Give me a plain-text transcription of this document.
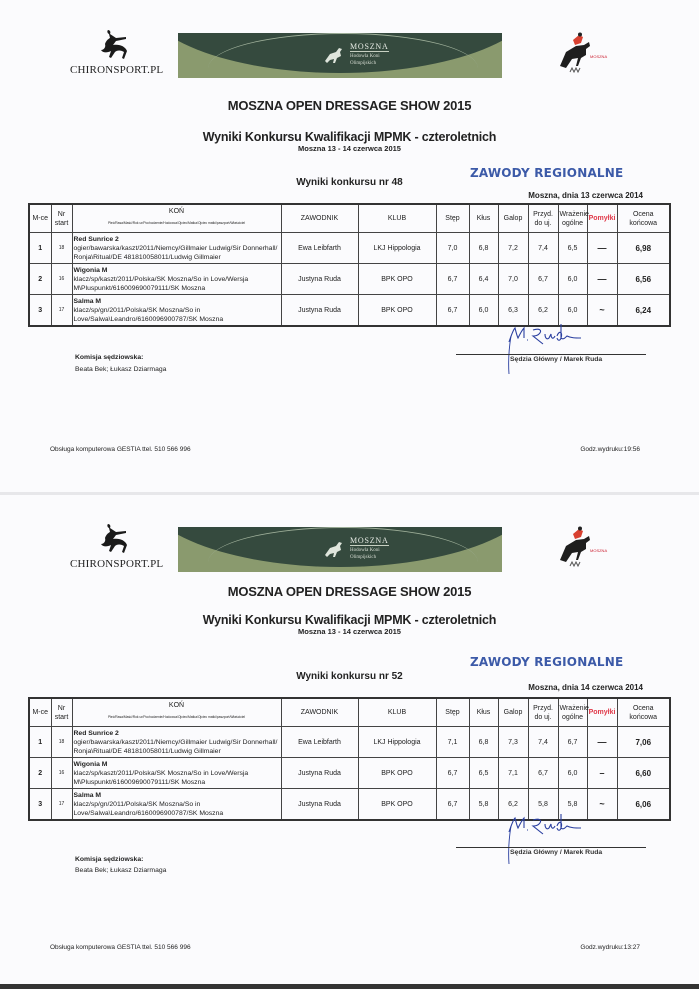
CHIRONSPORT.PL
MOSZNA
Hodowla Koni
Olimpijskich
MOSZNA
MOSZNA OPEN DRESSAGE SHOW 2015
Wyniki Konkursu Kwalifikacji MPMK - czteroletnich
Moszna 13 - 14 czerwca 2015
ZAWODY REGIONALNE
Wyniki konkursu nr 48
Moszna, dnia 13 czerwca 2014
M-ce	Nr
start	KOŃ
Płeć/Rasa/Maść/Rok ur/Pochodzenie/Hodowca/Ojciec/Matka/Ojciec matki/paszport/Właściciel	ZAWODNIK	KLUB	Stęp	Kłus	Galop	Przyd.
do uj.	Wrażenie
ogólne	Pomyłki	Ocena
końcowa
1	18	Red Sunrice 2
ogier/bawarska/kaszt/2011/Niemcy/Gillmaier Ludwig/Sir Donnerhall/ Ronja\Ritual/DE 481810058011/Ludwig Gillmaier	Ewa Leibfarth	LKJ Hippologia	7,0	6,8	7,2	7,4	6,5	—	6,98
2	16	Wigonia M
klacz/sp/kaszt/2011/Polska/SK Moszna/So in Love/Wersja M\Pluspunkt/616009690079111/SK Moszna	Justyna Ruda	BPK OPO	6,7	6,4	7,0	6,7	6,0	—	6,56
3	17	Salma M
klacz/sp/gn/2011/Polska/SK Moszna/So in Love/Salwa\Leandro/6160096900787/SK Moszna	Justyna Ruda	BPK OPO	6,7	6,0	6,3	6,2	6,0	~	6,24
Sędzia Główny / Marek Ruda
Komisja sędziowska:
Beata Bek; Łukasz Dziarmaga
Obsługa komputerowa GESTIA ttel. 510 566 996	Godz.wydruku:19:56
CHIRONSPORT.PL
MOSZNA
Hodowla Koni
Olimpijskich
MOSZNA
MOSZNA OPEN DRESSAGE SHOW 2015
Wyniki Konkursu Kwalifikacji MPMK - czteroletnich
Moszna 13 - 14 czerwca 2015
ZAWODY REGIONALNE
Wyniki konkursu nr 52
Moszna, dnia 14 czerwca 2014
M-ce	Nr
start	KOŃ
Płeć/Rasa/Maść/Rok ur/Pochodzenie/Hodowca/Ojciec/Matka/Ojciec matki/paszport/Właściciel	ZAWODNIK	KLUB	Stęp	Kłus	Galop	Przyd.
do uj.	Wrażenie
ogólne	Pomyłki	Ocena
końcowa
1	18	Red Sunrice 2
ogier/bawarska/kaszt/2011/Niemcy/Gillmaier Ludwig/Sir Donnerhall/ Ronja\Ritual/DE 481810058011/Ludwig Gillmaier	Ewa Leibfarth	LKJ Hippologia	7,1	6,8	7,3	7,4	6,7	—	7,06
2	16	Wigonia M
klacz/sp/kaszt/2011/Polska/SK Moszna/So in Love/Wersja M\Pluspunkt/616009690079111/SK Moszna	Justyna Ruda	BPK OPO	6,7	6,5	7,1	6,7	6,0	–	6,60
3	17	Salma M
klacz/sp/gn/2011/Polska/SK Moszna/So in Love/Salwa\Leandro/6160096900787/SK Moszna	Justyna Ruda	BPK OPO	6,7	5,8	6,2	5,8	5,8	~	6,06
Sędzia Główny / Marek Ruda
Komisja sędziowska:
Beata Bek; Łukasz Dziarmaga
Obsługa komputerowa GESTIA ttel. 510 566 996	Godz.wydruku:13:27
